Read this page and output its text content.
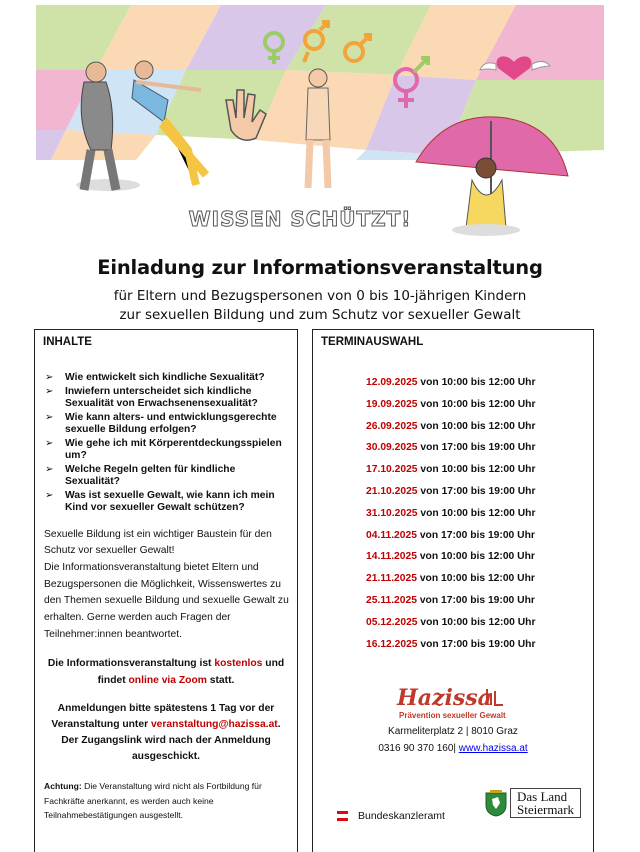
WISSEN SCHÜTZT!
Einladung zur Informationsveranstaltung
für Eltern und Bezugspersonen von 0 bis 10-jährigen Kindern
zur sexuellen Bildung und zum Schutz vor sexueller Gewalt
INHALTE
➢ Wie entwickelt sich kindliche Sexualität?
➢ Inwiefern unterscheidet sich kindliche Sexualität von Erwachsenensexualität?
➢ Wie kann alters- und entwicklungsgerechte sexuelle Bildung erfolgen?
➢ Wie gehe ich mit Körperentdeckungsspielen um?
➢ Welche Regeln gelten für kindliche Sexualität?
➢ Was ist sexuelle Gewalt, wie kann ich mein Kind vor sexueller Gewalt schützen?
Sexuelle Bildung ist ein wichtiger Baustein für den Schutz vor sexueller Gewalt!
Die Informationsveranstaltung bietet Eltern und Bezugspersonen die Möglichkeit, Wissenswertes zu den Themen sexuelle Bildung und sexuelle Gewalt zu erhalten. Gerne werden auch Fragen der Teilnehmer:innen beantwortet.
Die Informationsveranstaltung ist kostenlos und findet online via Zoom statt.
Anmeldungen bitte spätestens 1 Tag vor der Veranstaltung unter veranstaltung@hazissa.at. Der Zugangslink wird nach der Anmeldung ausgeschickt.
Achtung: Die Veranstaltung wird nicht als Fortbildung für Fachkräfte anerkannt, es werden auch keine Teilnahmebestätigungen ausgestellt.
TERMINAUSWAHL
12.09.2025 von 10:00 bis 12:00 Uhr
19.09.2025 von 10:00 bis 12:00 Uhr
26.09.2025 von 10:00 bis 12:00 Uhr
30.09.2025 von 17:00 bis 19:00 Uhr
17.10.2025 von 10:00 bis 12:00 Uhr
21.10.2025 von 17:00 bis 19:00 Uhr
31.10.2025 von 10:00 bis 12:00 Uhr
04.11.2025 von 17:00 bis 19:00 Uhr
14.11.2025 von 10:00 bis 12:00 Uhr
21.11.2025 von 10:00 bis 12:00 Uhr
25.11.2025 von 17:00 bis 19:00 Uhr
05.12.2025 von 10:00 bis 12:00 Uhr
16.12.2025 von 17:00 bis 19:00 Uhr
Hazissa
Prävention sexueller Gewalt
Karmeliterplatz 2 | 8010 Graz
0316 90 370 160| www.hazissa.at
Bundeskanzleramt
Das Land
Steiermark
